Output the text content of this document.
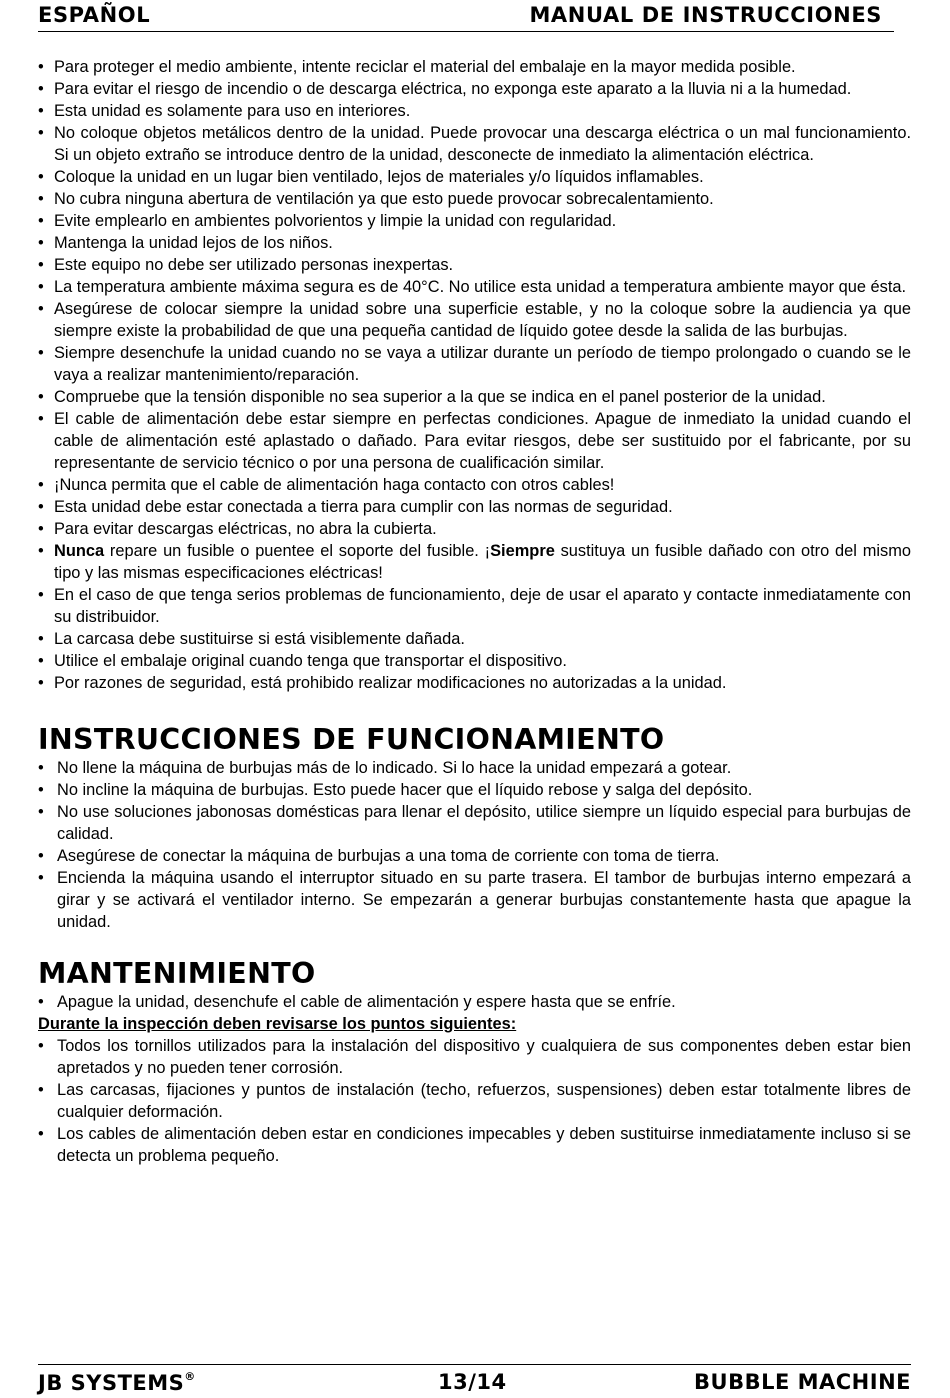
ESPAÑOL	MANUAL DE INSTRUCCIONES
• Para proteger el medio ambiente, intente reciclar el material del embalaje en la mayor medida posible.
• Para evitar el riesgo de incendio o de descarga eléctrica, no exponga este aparato a la lluvia ni a la humedad.
• Esta unidad es solamente para uso en interiores.
• No coloque objetos metálicos dentro de la unidad. Puede provocar una descarga eléctrica o un mal funcionamiento. Si un objeto extraño se introduce dentro de la unidad, desconecte de inmediato la alimentación eléctrica.
• Coloque la unidad en un lugar bien ventilado, lejos de materiales y/o líquidos inflamables.
• No cubra ninguna abertura de ventilación ya que esto puede provocar sobrecalentamiento.
• Evite emplearlo en ambientes polvorientos y limpie la unidad con regularidad.
• Mantenga la unidad lejos de los niños.
• Este equipo no debe ser utilizado personas inexpertas.
• La temperatura ambiente máxima segura es de 40°C. No utilice esta unidad a temperatura ambiente mayor que ésta.
• Asegúrese de colocar siempre la unidad sobre una superficie estable, y no la coloque sobre la audiencia ya que siempre existe la probabilidad de que una pequeña cantidad de líquido gotee desde la salida de las burbujas.
• Siempre desenchufe la unidad cuando no se vaya a utilizar durante un período de tiempo prolongado o cuando se le vaya a realizar mantenimiento/reparación.
• Compruebe que la tensión disponible no sea superior a la que se indica en el panel posterior de la unidad.
• El cable de alimentación debe estar siempre en perfectas condiciones. Apague de inmediato la unidad cuando el cable de alimentación esté aplastado o dañado. Para evitar riesgos, debe ser sustituido por el fabricante, por su representante de servicio técnico o por una persona de cualificación similar.
• ¡Nunca permita que el cable de alimentación haga contacto con otros cables!
• Esta unidad debe estar conectada a tierra para cumplir con las normas de seguridad.
• Para evitar descargas eléctricas, no abra la cubierta.
• Nunca repare un fusible o puentee el soporte del fusible. ¡Siempre sustituya un fusible dañado con otro del mismo tipo y las mismas especificaciones eléctricas!
• En el caso de que tenga serios problemas de funcionamiento, deje de usar el aparato y contacte inmediatamente con su distribuidor.
• La carcasa debe sustituirse si está visiblemente dañada.
• Utilice el embalaje original cuando tenga que transportar el dispositivo.
• Por razones de seguridad, está prohibido realizar modificaciones no autorizadas a la unidad.
INSTRUCCIONES DE FUNCIONAMIENTO
• No llene la máquina de burbujas más de lo indicado. Si lo hace la unidad empezará a gotear.
• No incline la máquina de burbujas. Esto puede hacer que el líquido rebose y salga del depósito.
• No use soluciones jabonosas domésticas para llenar el depósito, utilice siempre un líquido especial para burbujas de calidad.
• Asegúrese de conectar la máquina de burbujas a una toma de corriente con toma de tierra.
• Encienda la máquina usando el interruptor situado en su parte trasera. El tambor de burbujas interno empezará a girar y se activará el ventilador interno. Se empezarán a generar burbujas constantemente hasta que apague la unidad.
MANTENIMIENTO
• Apague la unidad, desenchufe el cable de alimentación y espere hasta que se enfríe.
Durante la inspección deben revisarse los puntos siguientes:
• Todos los tornillos utilizados para la instalación del dispositivo y cualquiera de sus componentes deben estar bien apretados y no pueden tener corrosión.
• Las carcasas, fijaciones y puntos de instalación (techo, refuerzos, suspensiones) deben estar totalmente libres de cualquier deformación.
• Los cables de alimentación deben estar en condiciones impecables y deben sustituirse inmediatamente incluso si se detecta un problema pequeño.
JB SYSTEMS®	13/14	BUBBLE MACHINE
